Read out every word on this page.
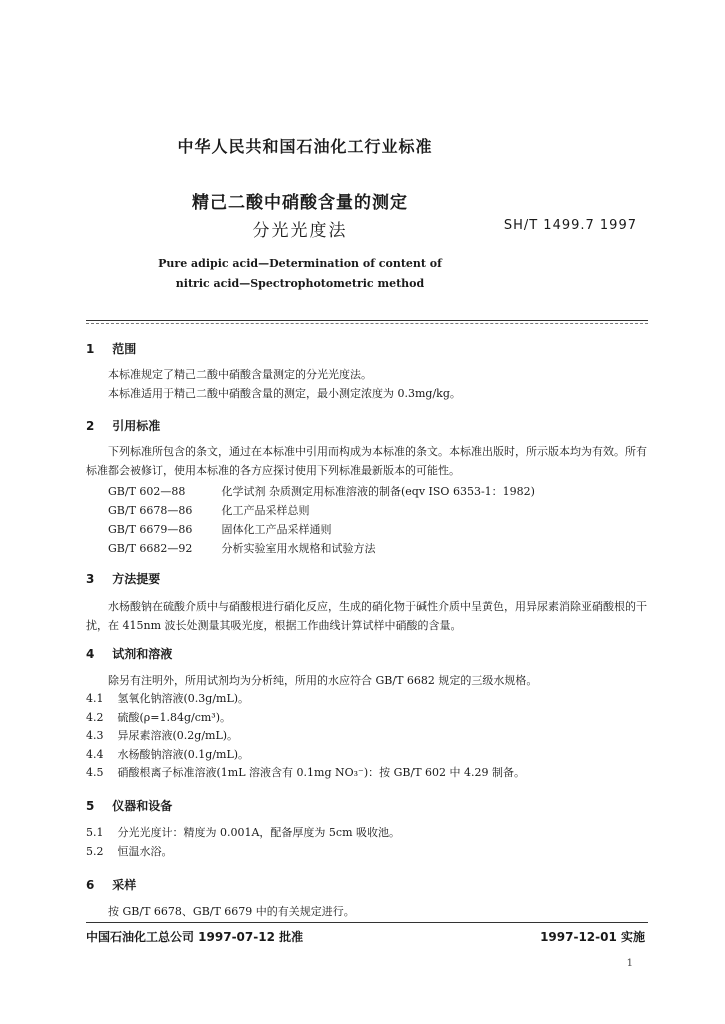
中华人民共和国石油化工行业标准
精己二酸中硝酸含量的测定
分光光度法	SH/T 1499.7 1997
Pure adipic acid—Determination of content of
nitric acid—Spectrophotometric method
1 范围
本标准规定了精己二酸中硝酸含量测定的分光光度法。
本标准适用于精己二酸中硝酸含量的测定，最小测定浓度为 0.3mg/kg。
2 引用标准
下列标准所包含的条文，通过在本标准中引用而构成为本标准的条文。本标准出版时，所示版本均为有效。所有标准都会被修订，使用本标准的各方应探讨使用下列标准最新版本的可能性。
GB/T 602—88	化学试剂 杂质测定用标准溶液的制备(eqv ISO 6353-1：1982)
GB/T 6678—86	化工产品采样总则
GB/T 6679—86	固体化工产品采样通则
GB/T 6682—92	分析实验室用水规格和试验方法
3 方法提要
水杨酸钠在硫酸介质中与硝酸根进行硝化反应，生成的硝化物于碱性介质中呈黄色，用异尿素消除亚硝酸根的干扰，在 415nm 波长处测量其吸光度，根据工作曲线计算试样中硝酸的含量。
4 试剂和溶液
除另有注明外，所用试剂均为分析纯，所用的水应符合 GB/T 6682 规定的三级水规格。
4.1 氢氧化钠溶液(0.3g/mL)。
4.2 硫酸(ρ=1.84g/cm³)。
4.3 异尿素溶液(0.2g/mL)。
4.4 水杨酸钠溶液(0.1g/mL)。
4.5 硝酸根离子标准溶液(1mL 溶液含有 0.1mg NO₃⁻)：按 GB/T 602 中 4.29 制备。
5 仪器和设备
5.1 分光光度计：精度为 0.001A，配备厚度为 5cm 吸收池。
5.2 恒温水浴。
6 采样
按 GB/T 6678、GB/T 6679 中的有关规定进行。
中国石油化工总公司 1997-07-12 批准	1997-12-01 实施
1
